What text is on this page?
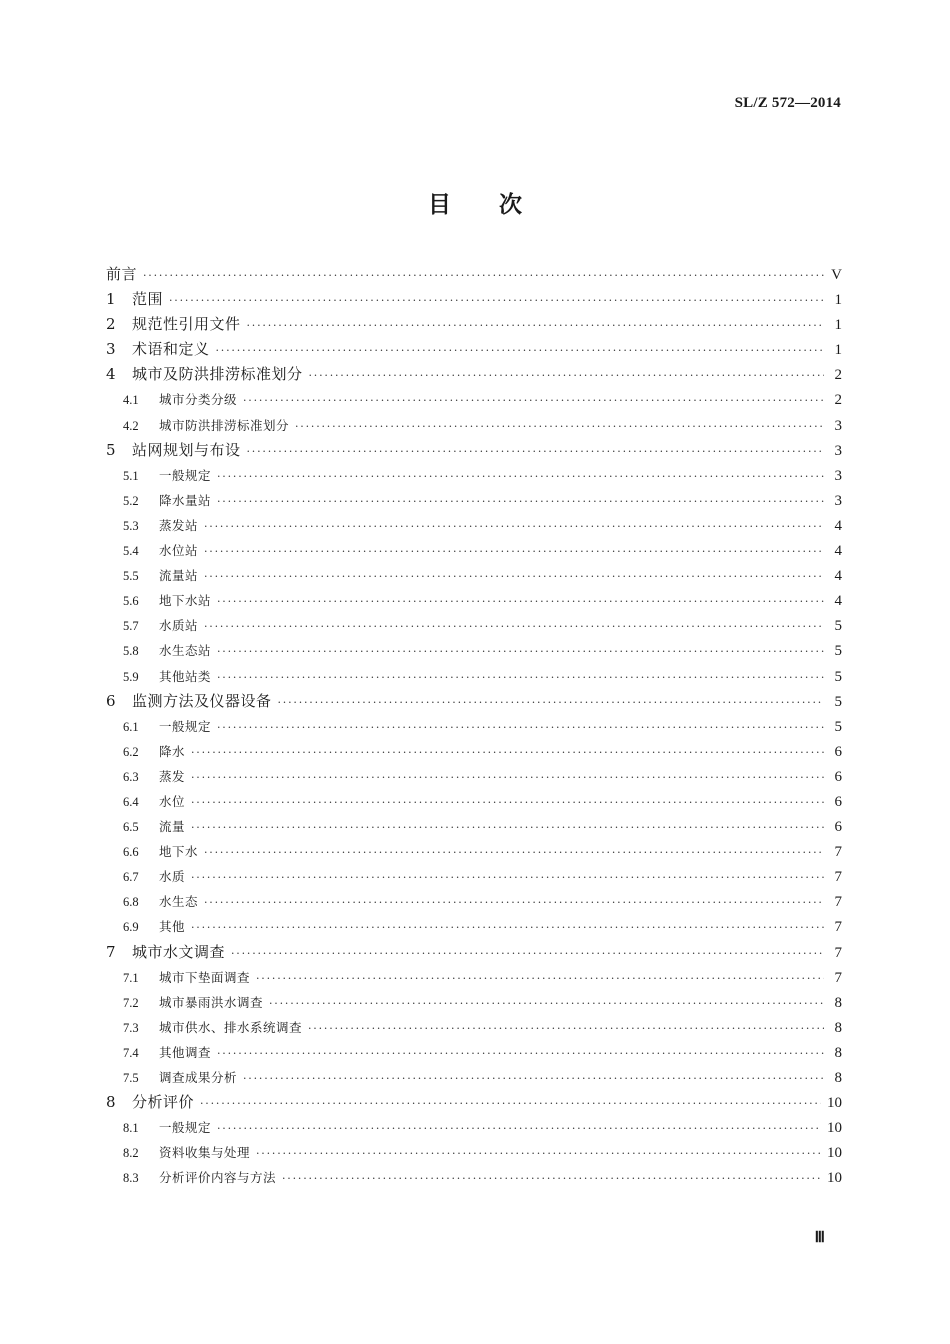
SL/Z 572—2014
目次
前言 ·····	V
1	范围 ·····	1
2	规范性引用文件 ·····	1
3	术语和定义 ·····	1
4	城市及防洪排涝标准划分 ·····	2
4.1	城市分类分级 ·····	2
4.2	城市防洪排涝标准划分 ·····	3
5	站网规划与布设 ·····	3
5.1	一般规定 ·····	3
5.2	降水量站 ·····	3
5.3	蒸发站 ·····	4
5.4	水位站 ·····	4
5.5	流量站 ·····	4
5.6	地下水站 ·····	4
5.7	水质站 ·····	5
5.8	水生态站 ·····	5
5.9	其他站类 ·····	5
6	监测方法及仪器设备 ·····	5
6.1	一般规定 ·····	5
6.2	降水 ·····	6
6.3	蒸发 ·····	6
6.4	水位 ·····	6
6.5	流量 ·····	6
6.6	地下水 ·····	7
6.7	水质 ·····	7
6.8	水生态 ·····	7
6.9	其他 ·····	7
7	城市水文调查 ·····	7
7.1	城市下垫面调查 ·····	7
7.2	城市暴雨洪水调查 ·····	8
7.3	城市供水、排水系统调查 ·····	8
7.4	其他调查 ·····	8
7.5	调查成果分析 ·····	8
8	分析评价 ·····	10
8.1	一般规定 ·····	10
8.2	资料收集与处理 ·····	10
8.3	分析评价内容与方法 ·····	10
Ⅲ
